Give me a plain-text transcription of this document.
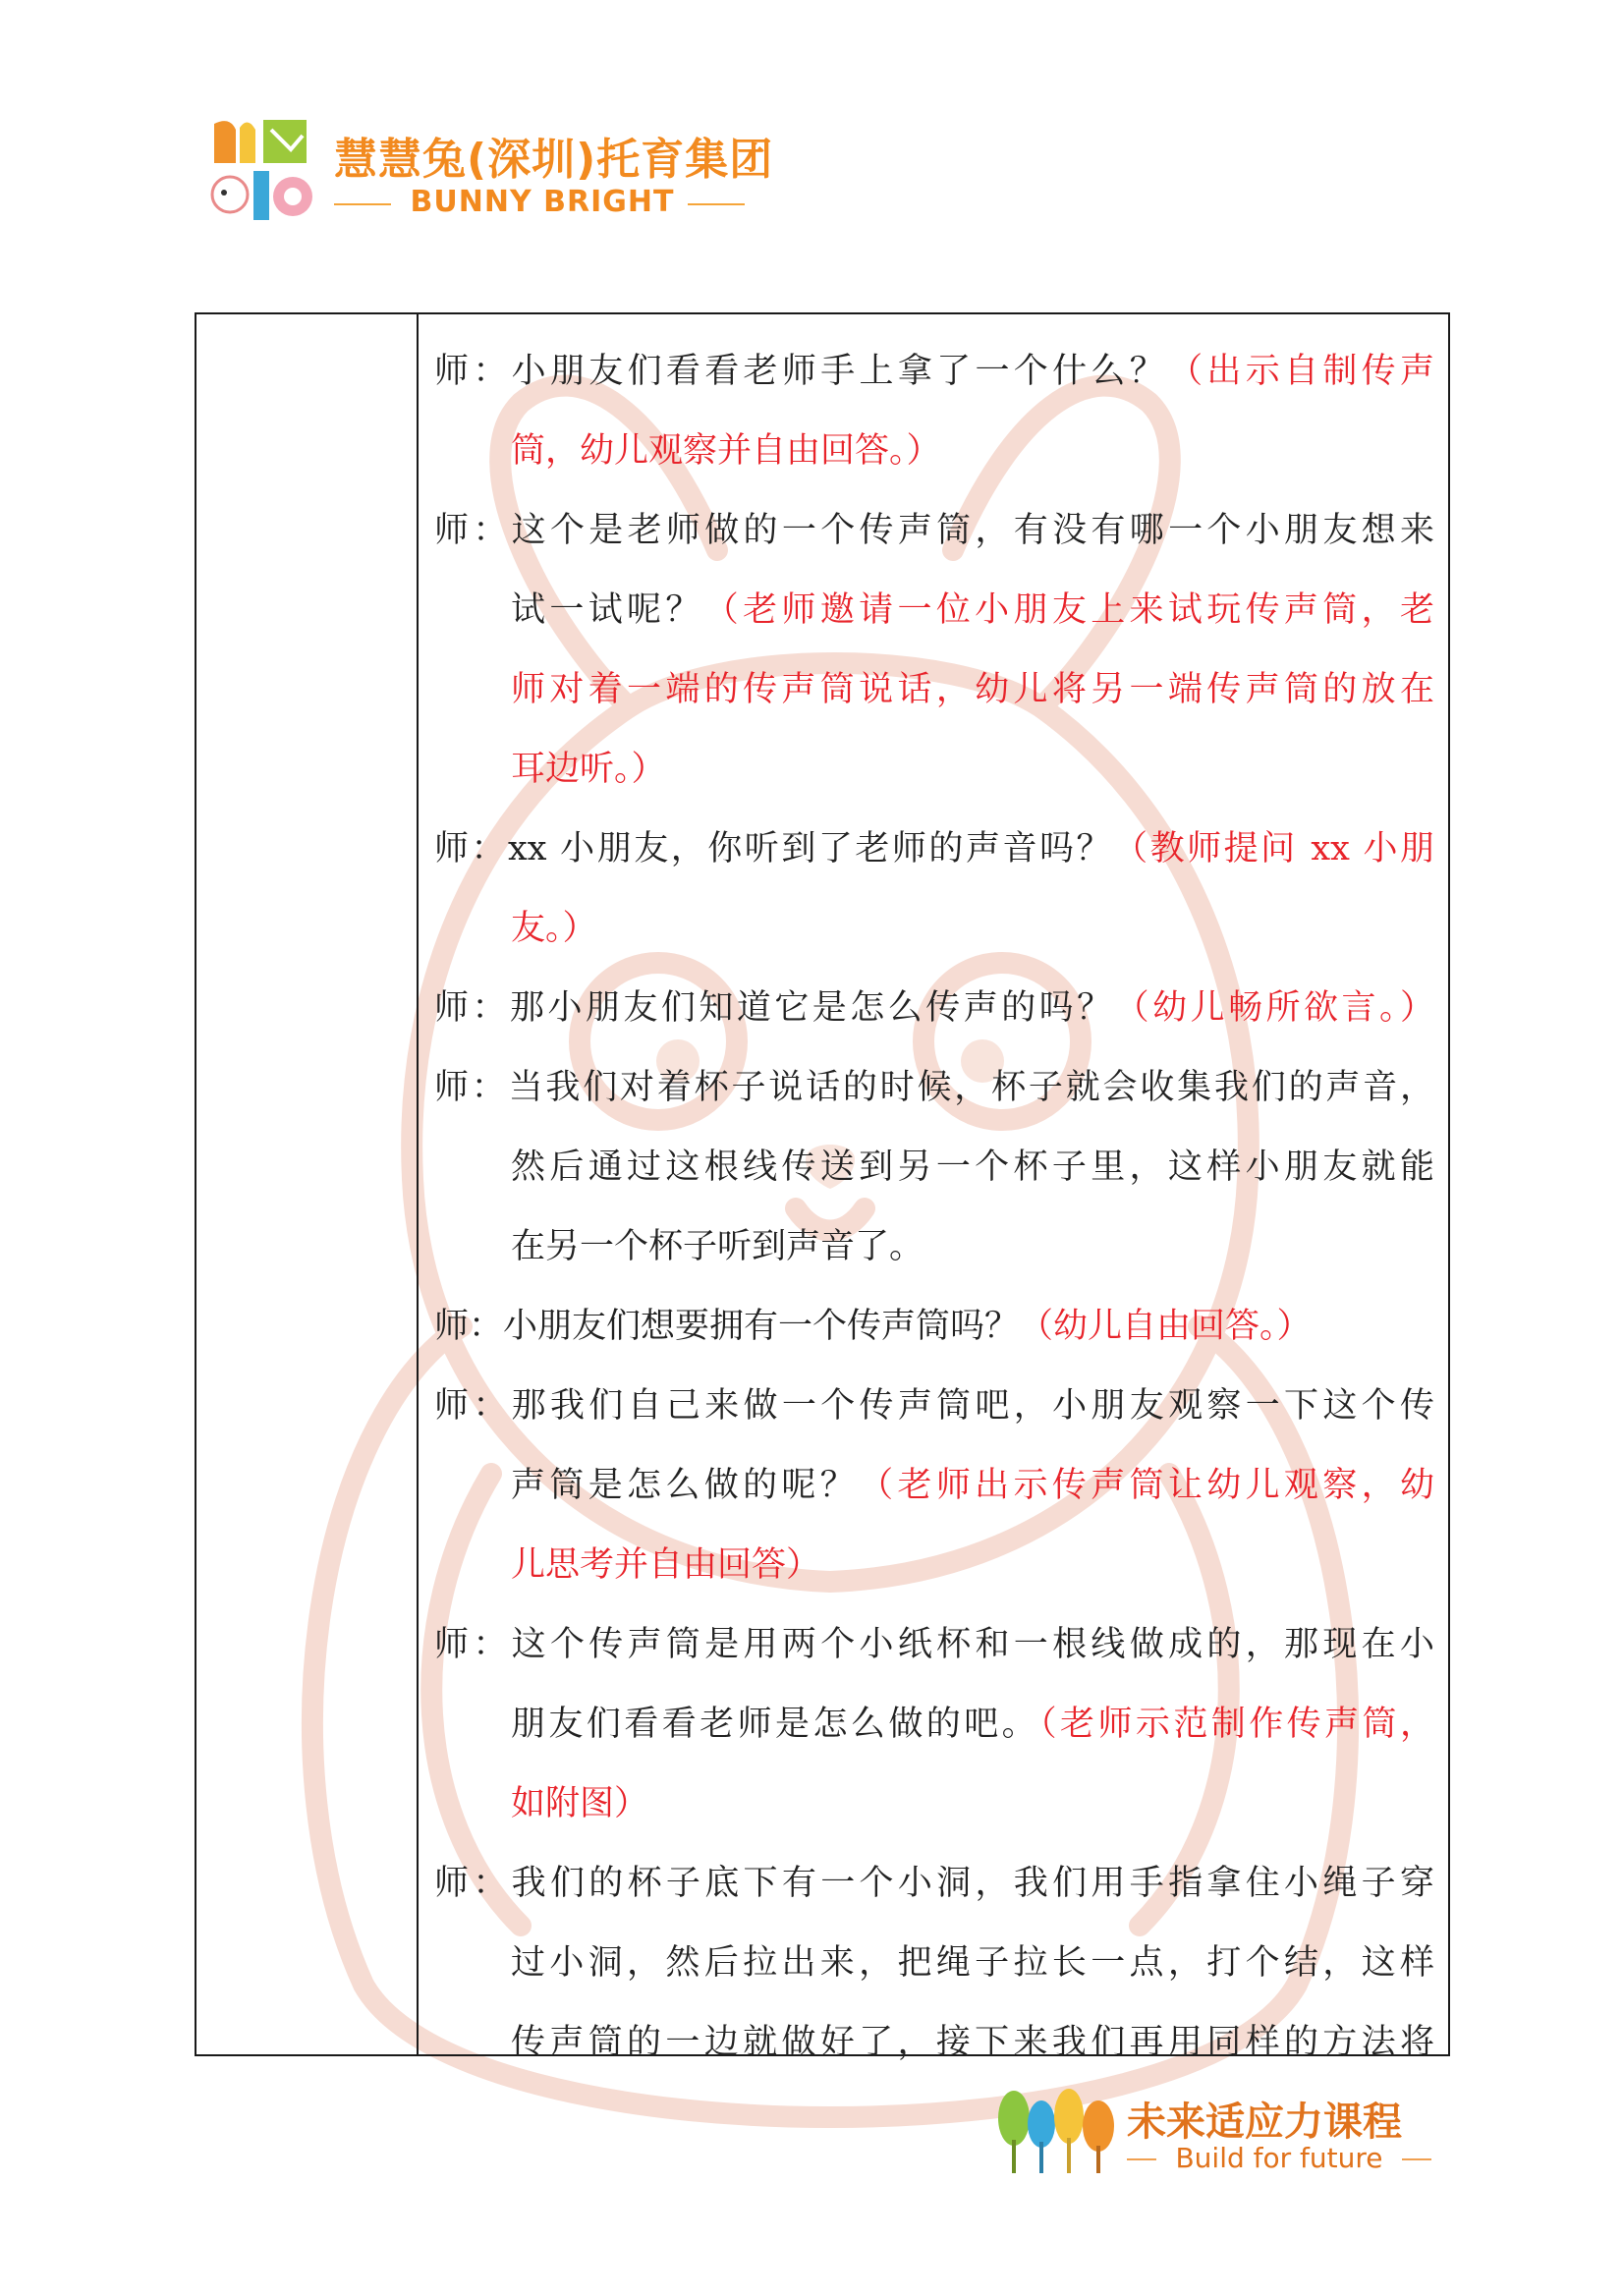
慧慧兔(深圳)托育集团
BUNNY BRIGHT
师：小朋友们看看老师手上拿了一个什么？（出示自制传声
筒，幼儿观察并自由回答。）
师：这个是老师做的一个传声筒，有没有哪一个小朋友想来
试一试呢？（老师邀请一位小朋友上来试玩传声筒，老
师对着一端的传声筒说话，幼儿将另一端传声筒的放在
耳边听。）
师：xx 小朋友，你听到了老师的声音吗？（教师提问 xx 小朋
友。）
师：那小朋友们知道它是怎么传声的吗？（幼儿畅所欲言。）
师：当我们对着杯子说话的时候，杯子就会收集我们的声音，
然后通过这根线传送到另一个杯子里，这样小朋友就能
在另一个杯子听到声音了。
师：小朋友们想要拥有一个传声筒吗？（幼儿自由回答。）
师：那我们自己来做一个传声筒吧，小朋友观察一下这个传
声筒是怎么做的呢？（老师出示传声筒让幼儿观察，幼
儿思考并自由回答）
师：这个传声筒是用两个小纸杯和一根线做成的，那现在小
朋友们看看老师是怎么做的吧。（老师示范制作传声筒，
如附图）
师：我们的杯子底下有一个小洞，我们用手指拿住小绳子穿
过小洞，然后拉出来，把绳子拉长一点，打个结，这样
传声筒的一边就做好了，接下来我们再用同样的方法将
未来适应力课程
Build for future
